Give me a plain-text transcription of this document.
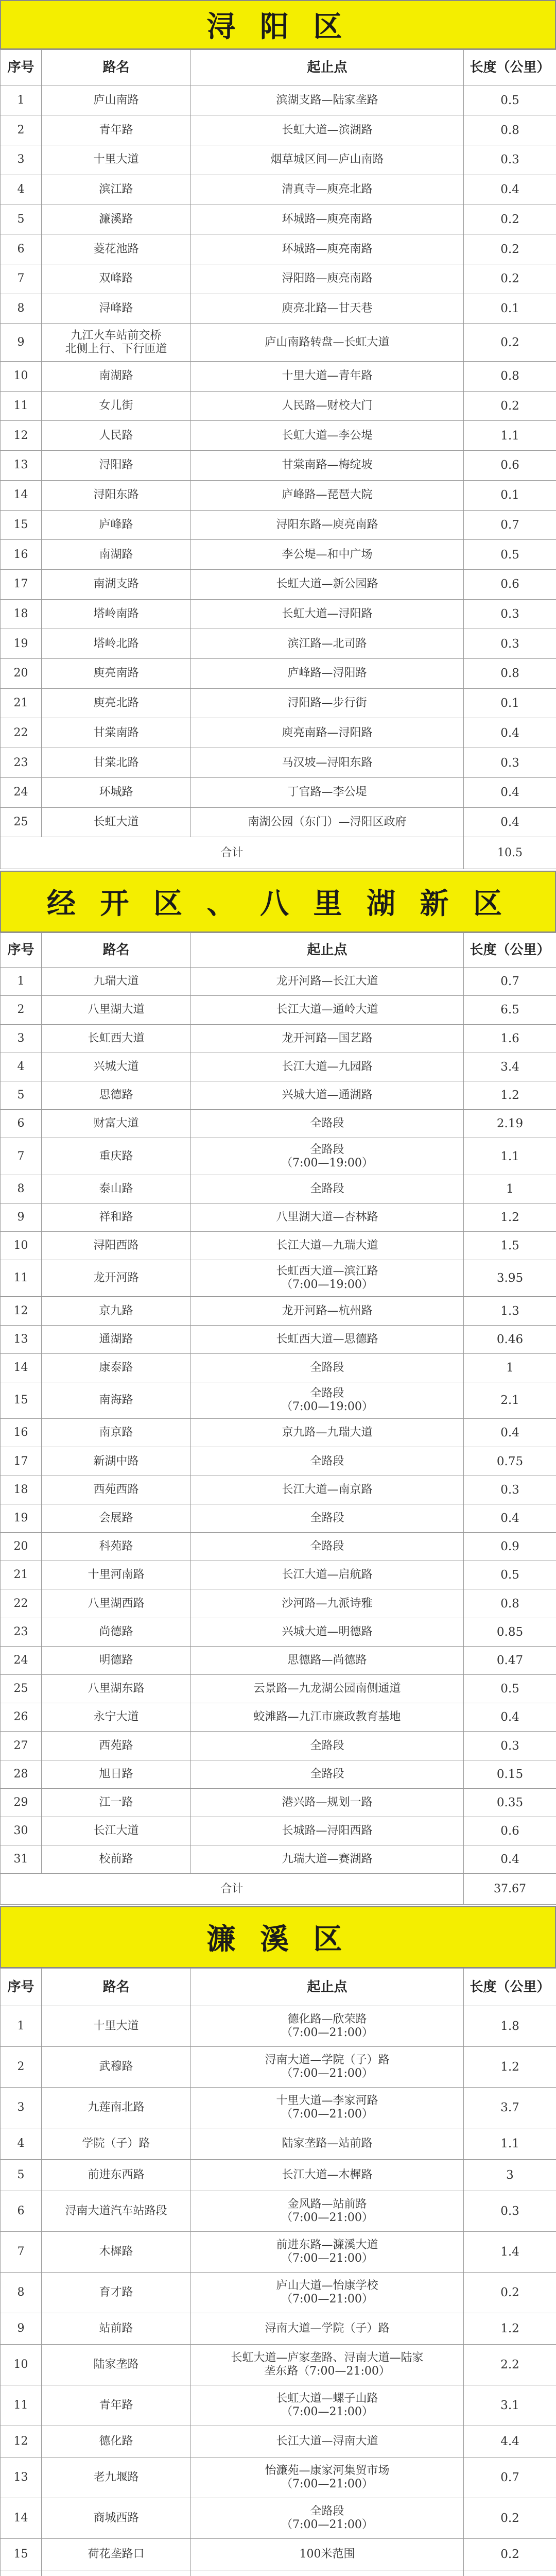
浔 阳 区
序号	路名	起止点	长度（公里）
1	庐山南路	滨湖支路—陆家垄路	0.5
2	青年路	长虹大道—滨湖路	0.8
3	十里大道	烟草城区间—庐山南路	0.3
4	滨江路	清真寺—庾亮北路	0.4
5	濂溪路	环城路—庾亮南路	0.2
6	菱花池路	环城路—庾亮南路	0.2
7	双峰路	浔阳路—庾亮南路	0.2
8	浔峰路	庾亮北路—甘天巷	0.1
9	九江火车站前交桥
北侧上行、下行匝道	庐山南路转盘—长虹大道	0.2
10	南湖路	十里大道—青年路	0.8
11	女儿街	人民路—财校大门	0.2
12	人民路	长虹大道—李公堤	1.1
13	浔阳路	甘棠南路—梅绽坡	0.6
14	浔阳东路	庐峰路—琵琶大院	0.1
15	庐峰路	浔阳东路—庾亮南路	0.7
16	南湖路	李公堤—和中广场	0.5
17	南湖支路	长虹大道—新公园路	0.6
18	塔岭南路	长虹大道—浔阳路	0.3
19	塔岭北路	滨江路—北司路	0.3
20	庾亮南路	庐峰路—浔阳路	0.8
21	庾亮北路	浔阳路—步行街	0.1
22	甘棠南路	庾亮南路—浔阳路	0.4
23	甘棠北路	马汉坡—浔阳东路	0.3
24	环城路	丁官路—李公堤	0.4
25	长虹大道	南湖公园（东门）—浔阳区政府	0.4
合计			10.5
经 开 区 、 八 里 湖 新 区
序号	路名	起止点	长度（公里）
1	九瑞大道	龙开河路—长江大道	0.7
2	八里湖大道	长江大道—通岭大道	6.5
3	长虹西大道	龙开河路—国艺路	1.6
4	兴城大道	长江大道—九园路	3.4
5	思德路	兴城大道—通湖路	1.2
6	财富大道	全路段	2.19
7	重庆路	全路段
（7:00—19:00）	1.1
8	泰山路	全路段	1
9	祥和路	八里湖大道—杏林路	1.2
10	浔阳西路	长江大道—九瑞大道	1.5
11	龙开河路	长虹西大道—滨江路
（7:00—19:00）	3.95
12	京九路	龙开河路—杭州路	1.3
13	通湖路	长虹西大道—思德路	0.46
14	康泰路	全路段	1
15	南海路	全路段
（7:00—19:00）	2.1
16	南京路	京九路—九瑞大道	0.4
17	新湖中路	全路段	0.75
18	西苑西路	长江大道—南京路	0.3
19	会展路	全路段	0.4
20	科苑路	全路段	0.9
21	十里河南路	长江大道—启航路	0.5
22	八里湖西路	沙河路—九派诗雅	0.8
23	尚德路	兴城大道—明德路	0.85
24	明德路	思德路—尚德路	0.47
25	八里湖东路	云景路—九龙湖公园南侧通道	0.5
26	永宁大道	蛟滩路—九江市廉政教育基地	0.4
27	西苑路	全路段	0.3
28	旭日路	全路段	0.15
29	江一路	港兴路—规划一路	0.35
30	长江大道	长城路—浔阳西路	0.6
31	校前路	九瑞大道—赛湖路	0.4
合计			37.67
濂 溪 区
序号	路名	起止点	长度（公里）
1	十里大道	德化路—欣荣路
（7:00—21:00）	1.8
2	武穆路	浔南大道—学院（子）路
（7:00—21:00）	1.2
3	九莲南北路	十里大道—李家河路
（7:00—21:00）	3.7
4	学院（子）路	陆家垄路—站前路	1.1
5	前进东西路	长江大道—木樨路	3
6	浔南大道汽车站路段	金风路—站前路
（7:00—21:00）	0.3
7	木樨路	前进东路—濂溪大道
（7:00—21:00）	1.4
8	育才路	庐山大道—怡康学校
（7:00—21:00）	0.2
9	站前路	浔南大道—学院（子）路	1.2
10	陆家垄路	长虹大道—庐家垄路、浔南大道—陆家
垄东路（7:00—21:00）	2.2
11	青年路	长虹大道—螺子山路
（7:00—21:00）	3.1
12	德化路	长江大道—浔南大道	4.4
13	老九堰路	怡濂苑—康家河集贸市场
（7:00—21:00）	0.7
14	商城西路	全路段
（7:00—21:00）	0.2
15	荷花垄路口	100米范围	0.2
